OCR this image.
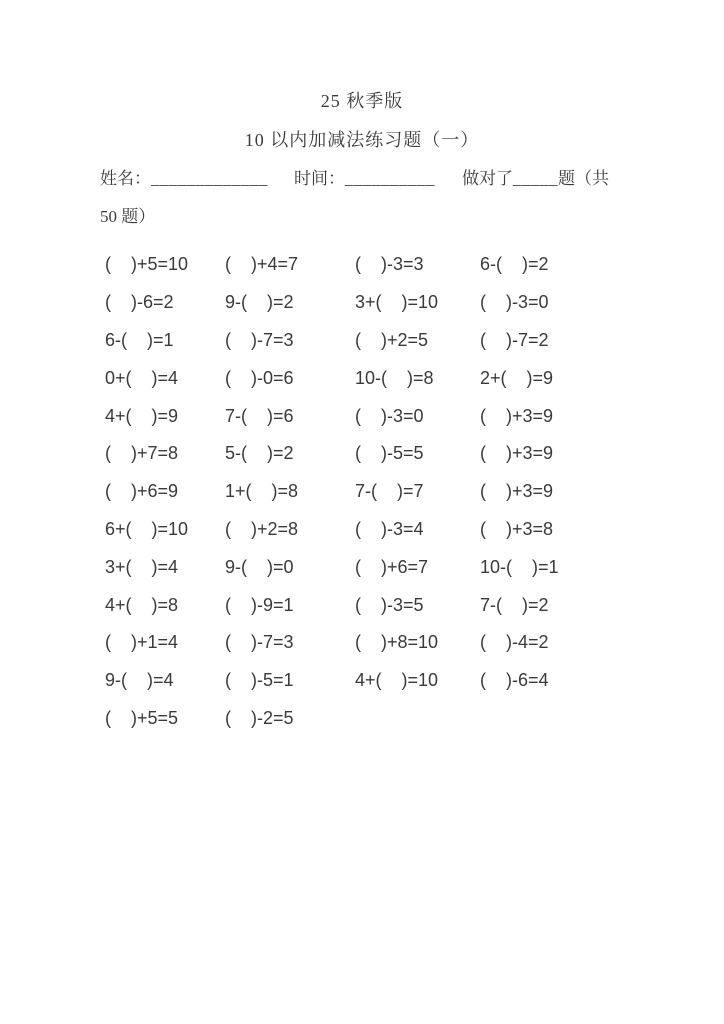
25 秋季版
10 以内加减法练习题（一）
姓名：_____________ 时间：__________ 做对了_____题（共
50 题）
(    )+5=10	(    )+4=7	(    )-3=3	6-(    )=2
(    )-6=2	9-(    )=2	3+(    )=10	(    )-3=0
6-(    )=1	(    )-7=3	(    )+2=5	(    )-7=2
0+(    )=4	(    )-0=6	10-(    )=8	2+(    )=9
4+(    )=9	7-(    )=6	(    )-3=0	(    )+3=9
(    )+7=8	5-(    )=2	(    )-5=5	(    )+3=9
(    )+6=9	1+(    )=8	7-(    )=7	(    )+3=9
6+(    )=10	(    )+2=8	(    )-3=4	(    )+3=8
3+(    )=4	9-(    )=0	(    )+6=7	10-(    )=1
4+(    )=8	(    )-9=1	(    )-3=5	7-(    )=2
(    )+1=4	(    )-7=3	(    )+8=10	(    )-4=2
9-(    )=4	(    )-5=1	4+(    )=10	(    )-6=4
(    )+5=5	(    )-2=5
